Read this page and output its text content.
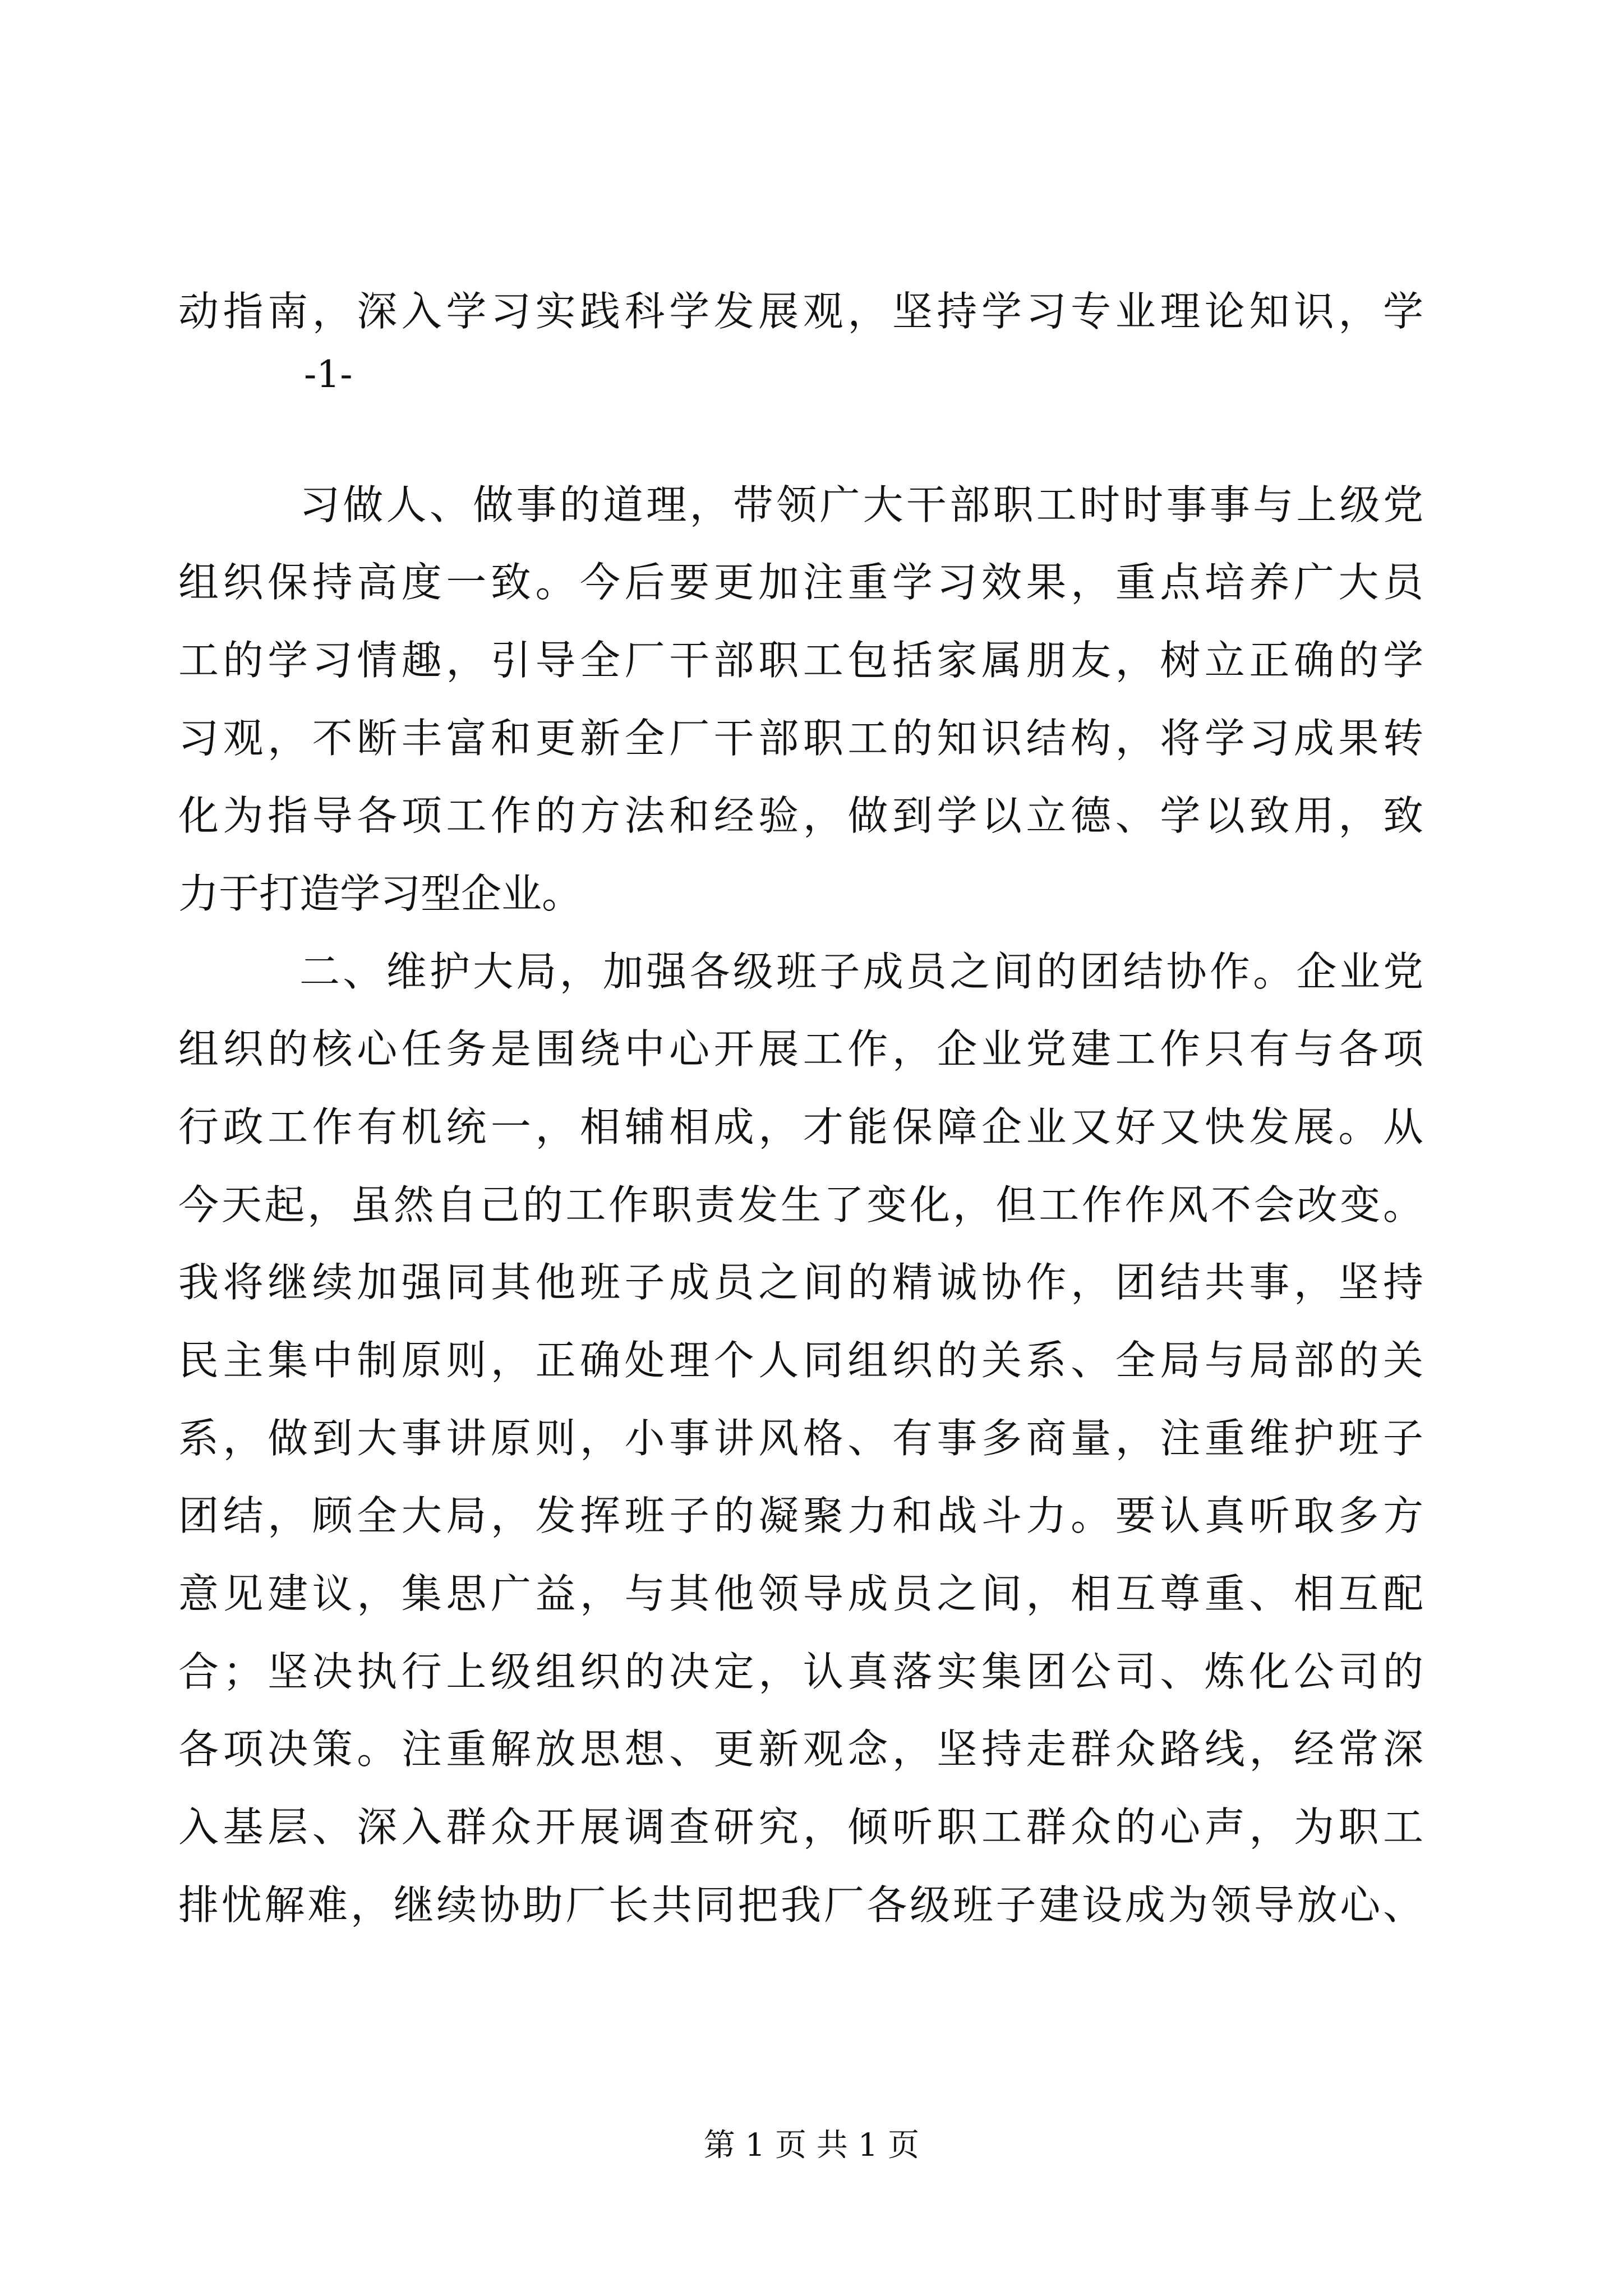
动指南，深入学习实践科学发展观，坚持学习专业理论知识，学
-1-
习做人、做事的道理，带领广大干部职工时时事事与上级党
组织保持高度一致。今后要更加注重学习效果，重点培养广大员
工的学习情趣，引导全厂干部职工包括家属朋友，树立正确的学
习观，不断丰富和更新全厂干部职工的知识结构，将学习成果转
化为指导各项工作的方法和经验，做到学以立德、学以致用，致
力于打造学习型企业。
二、维护大局，加强各级班子成员之间的团结协作。企业党
组织的核心任务是围绕中心开展工作，企业党建工作只有与各项
行政工作有机统一，相辅相成，才能保障企业又好又快发展。从
今天起，虽然自己的工作职责发生了变化，但工作作风不会改变。
我将继续加强同其他班子成员之间的精诚协作，团结共事，坚持
民主集中制原则，正确处理个人同组织的关系、全局与局部的关
系，做到大事讲原则，小事讲风格、有事多商量，注重维护班子
团结，顾全大局，发挥班子的凝聚力和战斗力。要认真听取多方
意见建议，集思广益，与其他领导成员之间，相互尊重、相互配
合；坚决执行上级组织的决定，认真落实集团公司、炼化公司的
各项决策。注重解放思想、更新观念，坚持走群众路线，经常深
入基层、深入群众开展调查研究，倾听职工群众的心声，为职工
排忧解难，继续协助厂长共同把我厂各级班子建设成为领导放心、
第 1 页 共 1 页
